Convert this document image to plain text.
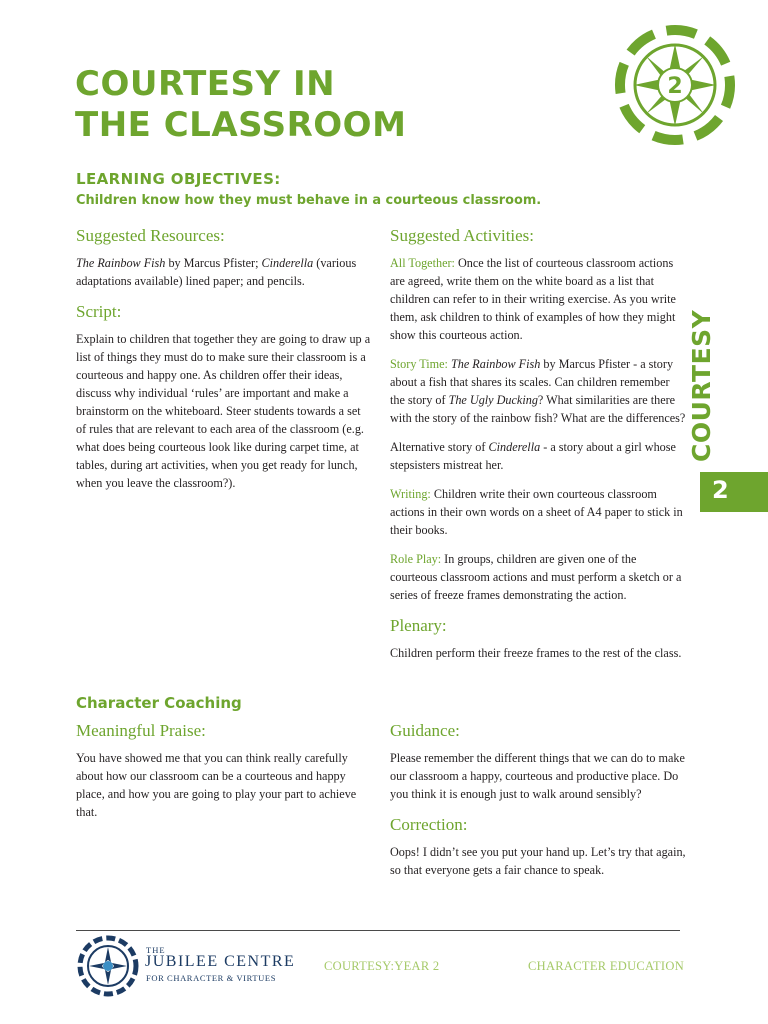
COURTESY IN
THE CLASSROOM
2
LEARNING OBJECTIVES:
Children know how they must behave in a courteous classroom.
Suggested Resources:

The Rainbow Fish by Marcus Pfister; Cinderella (various adaptations available) lined paper; and pencils.

Script:

Explain to children that together they are going to draw up a list of things they must do to make sure their classroom is a courteous and happy one. As children offer their ideas, discuss why individual ‘rules’ are important and make a brainstorm on the whiteboard. Steer students towards a set of rules that are relevant to each area of the classroom (e.g. what does being courteous look like during carpet time, at tables, during art activities, when you get ready for lunch, when you leave the classroom?).

Suggested Activities:

All Together: Once the list of courteous classroom actions are agreed, write them on the white board as a list that children can refer to in their writing exercise. As you write them, ask children to think of examples of how they might show this courteous action.

Story Time: The Rainbow Fish by Marcus Pfister - a story about a fish that shares its scales. Can children remember the story of The Ugly Ducking? What similarities are there with the story of the rainbow fish? What are the differences?

Alternative story of Cinderella - a story about a girl whose stepsisters mistreat her.

Writing: Children write their own courteous classroom actions in their own words on a sheet of A4 paper to stick in their books.

Role Play: In groups, children are given one of the courteous classroom actions and must perform a sketch or a series of freeze frames demonstrating the action.

Plenary:

Children perform their freeze frames to the rest of the class.

Character Coaching
Meaningful Praise:

You have showed me that you can think really carefully about how our classroom can be a courteous and happy place, and how you are going to play your part to achieve that.

Guidance:

Please remember the different things that we can do to make our classroom a happy, courteous and productive place. Do you think it is enough just to walk around sensibly?

Correction:

Oops! I didn’t see you put your hand up. Let’s try that again, so that everyone gets a fair chance to speak.

COURTESY
2
THE
JUBILEE CENTRE
FOR CHARACTER & VIRTUES
COURTESY:YEAR 2	CHARACTER EDUCATION
